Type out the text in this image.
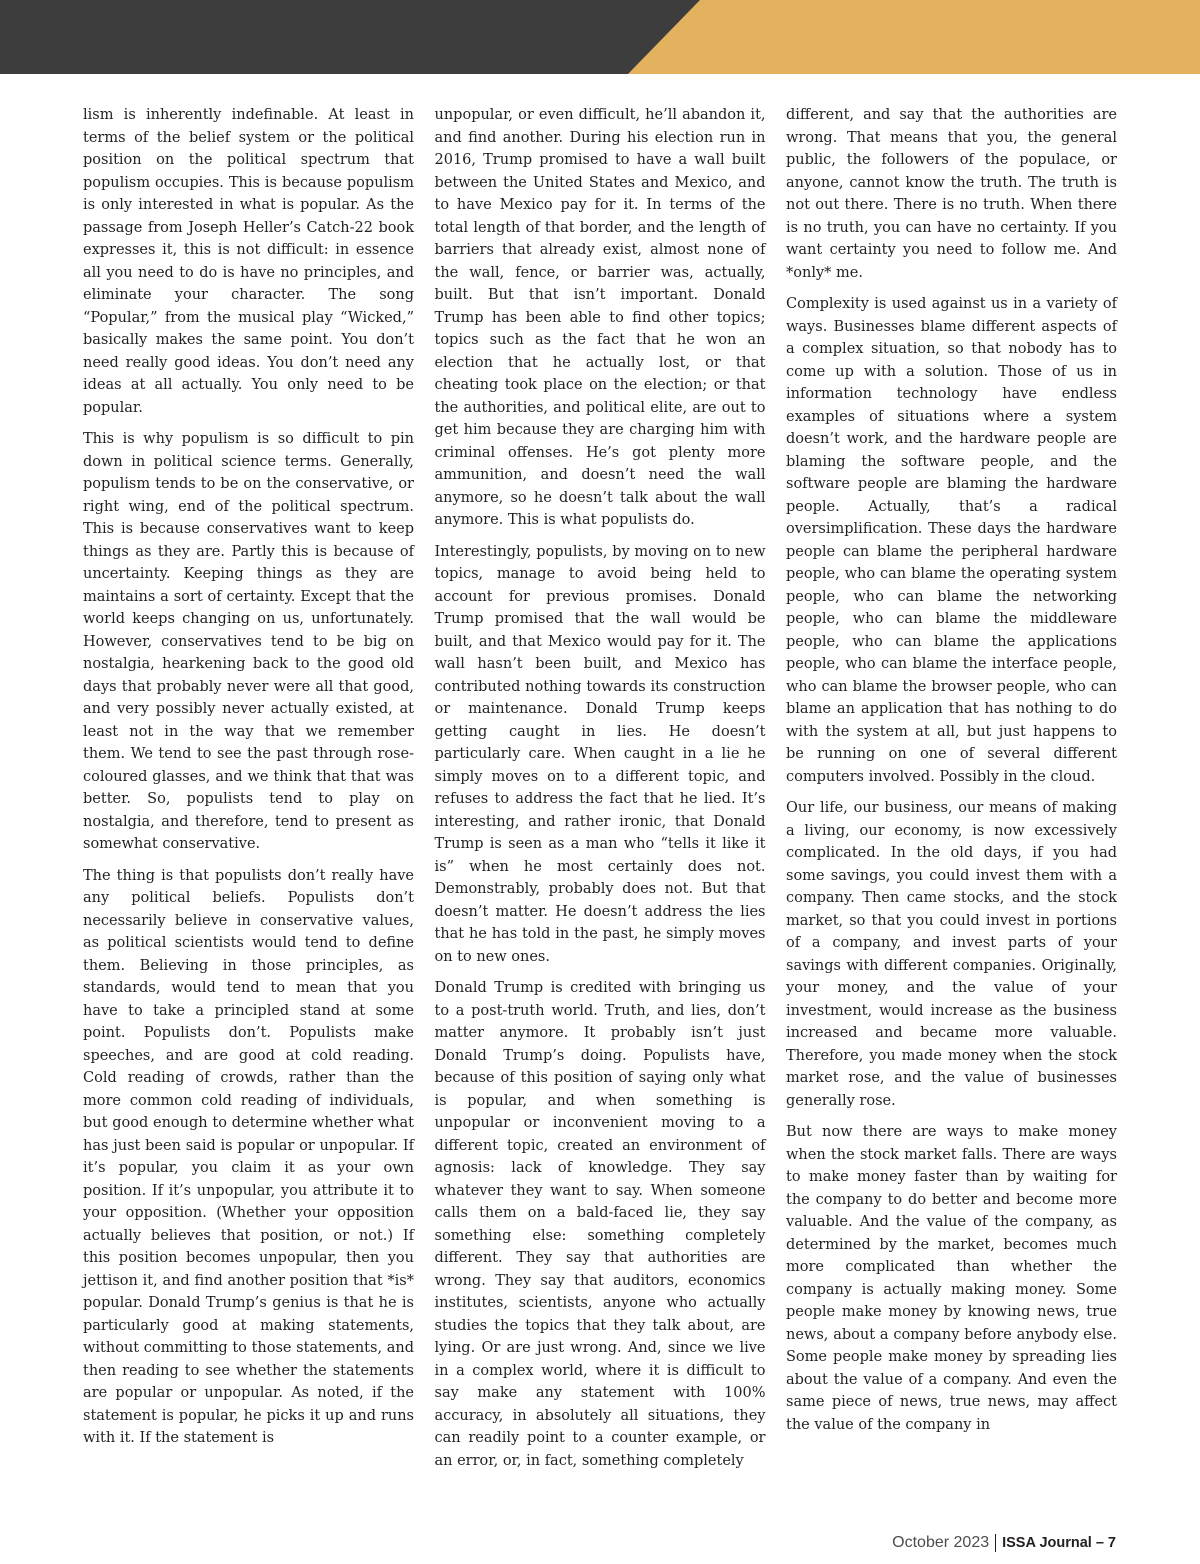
lism is inherently indefinable. At least in terms of the belief system or the political position on the political spectrum that populism occupies. This is because populism is only interested in what is popular. As the passage from Joseph Heller’s Catch-22 book expresses it, this is not difficult: in essence all you need to do is have no principles, and eliminate your character. The song “Popular,” from the musical play “Wicked,” basically makes the same point. You don’t need really good ideas. You don’t need any ideas at all actually. You only need to be popular.

This is why populism is so difficult to pin down in political science terms. Generally, populism tends to be on the conservative, or right wing, end of the political spectrum. This is because conservatives want to keep things as they are. Partly this is because of uncertainty. Keeping things as they are maintains a sort of certainty. Except that the world keeps changing on us, unfortunately. However, conservatives tend to be big on nostalgia, hearkening back to the good old days that probably never were all that good, and very possibly never actually existed, at least not in the way that we remember them. We tend to see the past through rose-coloured glasses, and we think that that was better. So, populists tend to play on nostalgia, and therefore, tend to present as somewhat conservative.

The thing is that populists don’t really have any political beliefs. Populists don’t necessarily believe in conservative values, as political scientists would tend to define them. Believing in those principles, as standards, would tend to mean that you have to take a principled stand at some point. Populists don’t. Populists make speeches, and are good at cold reading. Cold reading of crowds, rather than the more common cold reading of individuals, but good enough to determine whether what has just been said is popular or unpopular. If it’s popular, you claim it as your own position. If it’s unpopular, you attribute it to your opposition. (Whether your opposition actually believes that position, or not.) If this position becomes unpopular, then you jettison it, and find another position that *is* popular. Donald Trump’s genius is that he is particularly good at making statements, without committing to those statements, and then reading to see whether the statements are popular or unpopular. As noted, if the statement is popular, he picks it up and runs with it. If the statement is

unpopular, or even difficult, he’ll abandon it, and find another. During his election run in 2016, Trump promised to have a wall built between the United States and Mexico, and to have Mexico pay for it. In terms of the total length of that border, and the length of barriers that already exist, almost none of the wall, fence, or barrier was, actually, built. But that isn’t important. Donald Trump has been able to find other topics; topics such as the fact that he won an election that he actually lost, or that cheating took place on the election; or that the authorities, and political elite, are out to get him because they are charging him with criminal offenses. He’s got plenty more ammunition, and doesn’t need the wall anymore, so he doesn’t talk about the wall anymore. This is what populists do.

Interestingly, populists, by moving on to new topics, manage to avoid being held to account for previous promises. Donald Trump promised that the wall would be built, and that Mexico would pay for it. The wall hasn’t been built, and Mexico has contributed nothing towards its construction or maintenance. Donald Trump keeps getting caught in lies. He doesn’t particularly care. When caught in a lie he simply moves on to a different topic, and refuses to address the fact that he lied. It’s interesting, and rather ironic, that Donald Trump is seen as a man who “tells it like it is” when he most certainly does not. Demonstrably, probably does not. But that doesn’t matter. He doesn’t address the lies that he has told in the past, he simply moves on to new ones.

Donald Trump is credited with bringing us to a post-truth world. Truth, and lies, don’t matter anymore. It probably isn’t just Donald Trump’s doing. Populists have, because of this position of saying only what is popular, and when something is unpopular or inconvenient moving to a different topic, created an environment of agnosis: lack of knowledge. They say whatever they want to say. When someone calls them on a bald-faced lie, they say something else: something completely different. They say that authorities are wrong. They say that auditors, economics institutes, scientists, anyone who actually studies the topics that they talk about, are lying. Or are just wrong. And, since we live in a complex world, where it is difficult to say make any statement with 100% accuracy, in absolutely all situations, they can readily point to a counter example, or an error, or, in fact, something completely

different, and say that the authorities are wrong. That means that you, the general public, the followers of the populace, or anyone, cannot know the truth. The truth is not out there. There is no truth. When there is no truth, you can have no certainty. If you want certainty you need to follow me. And *only* me.

Complexity is used against us in a variety of ways. Businesses blame different aspects of a complex situation, so that nobody has to come up with a solution. Those of us in information technology have endless examples of situations where a system doesn’t work, and the hardware people are blaming the software people, and the software people are blaming the hardware people. Actually, that’s a radical oversimplification. These days the hardware people can blame the peripheral hardware people, who can blame the operating system people, who can blame the networking people, who can blame the middleware people, who can blame the applications people, who can blame the interface people, who can blame the browser people, who can blame an application that has nothing to do with the system at all, but just happens to be running on one of several different computers involved. Possibly in the cloud.

Our life, our business, our means of making a living, our economy, is now excessively complicated. In the old days, if you had some savings, you could invest them with a company. Then came stocks, and the stock market, so that you could invest in portions of a company, and invest parts of your savings with different companies. Originally, your money, and the value of your investment, would increase as the business increased and became more valuable. Therefore, you made money when the stock market rose, and the value of businesses generally rose.

But now there are ways to make money when the stock market falls. There are ways to make money faster than by waiting for the company to do better and become more valuable. And the value of the company, as determined by the market, becomes much more complicated than whether the company is actually making money. Some people make money by knowing news, true news, about a company before anybody else. Some people make money by spreading lies about the value of a company. And even the same piece of news, true news, may affect the value of the company in

October 2023 ISSA Journal – 7
